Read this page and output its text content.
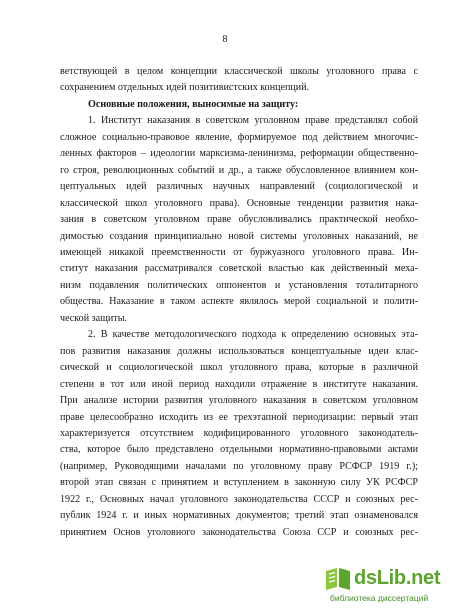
8
ветствующей в целом концепции классической школы уголовного права с
сохранением отдельных идей позитивистских концепций.
Основные положения, выносимые на защиту:
1. Институт наказания в советском уголовном праве представлял собой
сложное социально-правовое явление, формируемое под действием многочис-
ленных факторов – идеологии марксизма-ленинизма, реформации общественно-
го строя, революционных событий и др., а также обусловленное влиянием кон-
цептуальных идей различных научных направлений (социологической и
классической школ уголовного права). Основные тенденции развития нака-
зания в советском уголовном праве обусловливались практической необхо-
димостью создания принципиально новой системы уголовных наказаний, не
имеющей никакой преемственности от буржуазного уголовного права. Ин-
ститут наказания рассматривался советской властью как действенный меха-
низм подавления политических оппонентов и установления тоталитарного
общества. Наказание в таком аспекте являлось мерой социальной и полити-
ческой защиты.
2. В качестве методологического подхода к определению основных эта-
пов развития наказания должны использоваться концептуальные идеи клас-
сической и социологической школ уголовного права, которые в различной
степени в тот или иной период находили отражение в институте наказания.
При анализе истории развития уголовного наказания в советском уголовном
праве целесообразно исходить из ее трехэтапной периодизации: первый этап
характеризуется отсутствием кодифицированного уголовного законодатель-
ства, которое было представлено отдельными нормативно-правовыми актами
(например, Руководящими началами по уголовному праву РСФСР 1919 г.);
второй этап связан с принятием и вступлением в законную силу УК РСФСР
1922 г., Основных начал уголовного законодательства СССР и союзных рес-
публик 1924 г. и иных нормативных документов; третий этап ознаменовался
принятием Основ уголовного законодательства Союза ССР и союзных рес-
dsLib.net
библиотека диссертаций
